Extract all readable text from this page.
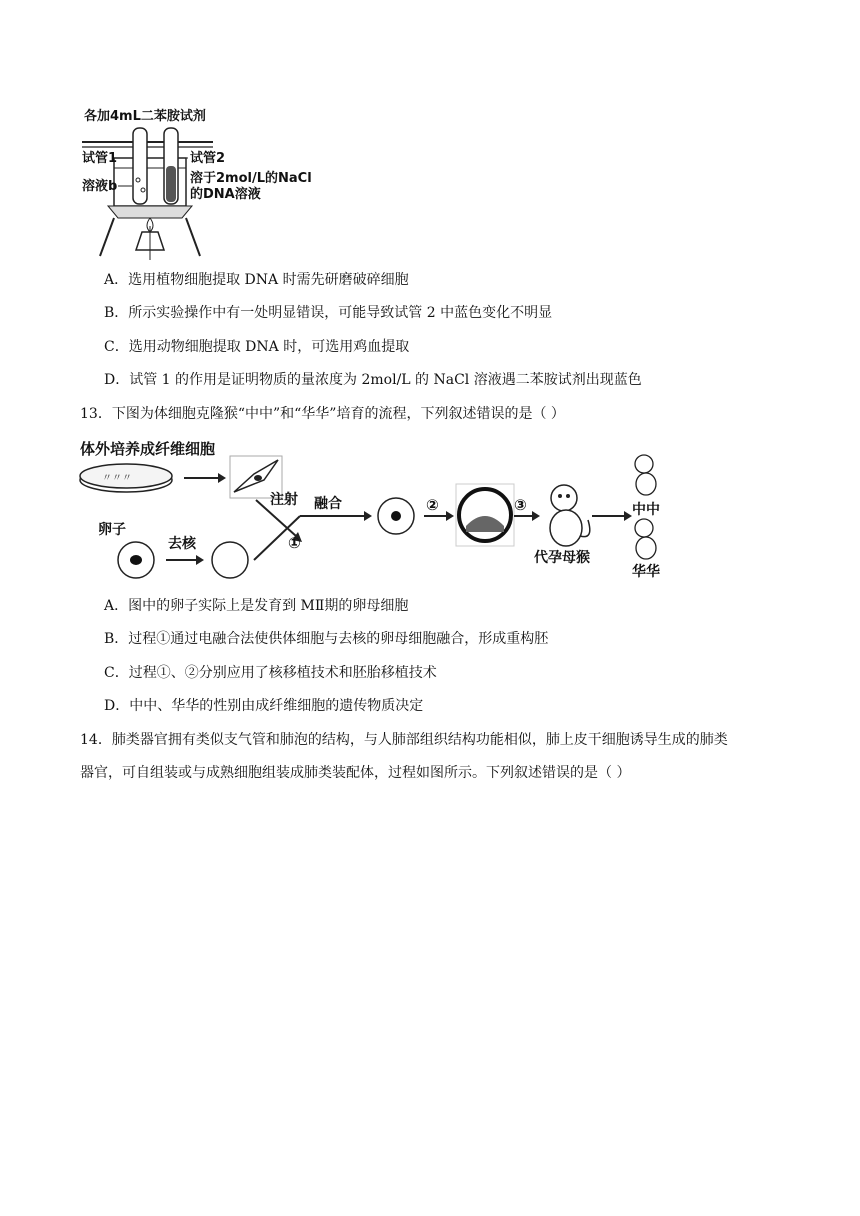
各加4mL二苯胺试剂
试管1	试管2
溶液b
溶于2mol/L的NaCl
的DNA溶液
A．选用植物细胞提取 DNA 时需先研磨破碎细胞
B．所示实验操作中有一处明显错误，可能导致试管 2 中蓝色变化不明显
C．选用动物细胞提取 DNA 时，可选用鸡血提取
D．试管 1 的作用是证明物质的量浓度为 2mol/L 的 NaCl 溶液遇二苯胺试剂出现蓝色
13．下图为体细胞克隆猴“中中”和“华华”培育的流程，下列叙述错误的是（ ）
体外培养成纤维细胞
〃〃〃
注射
卵子
去核	①
融合	②	③
代孕母猴
中中
华华
A．图中的卵子实际上是发育到 MⅡ期的卵母细胞
B．过程①通过电融合法使供体细胞与去核的卵母细胞融合，形成重构胚
C．过程①、②分别应用了核移植技术和胚胎移植技术
D．中中、华华的性别由成纤维细胞的遗传物质决定
14．肺类器官拥有类似支气管和肺泡的结构，与人肺部组织结构功能相似，肺上皮干细胞诱导生成的肺类
器官，可自组装或与成熟细胞组装成肺类装配体，过程如图所示。下列叙述错误的是（ ）
